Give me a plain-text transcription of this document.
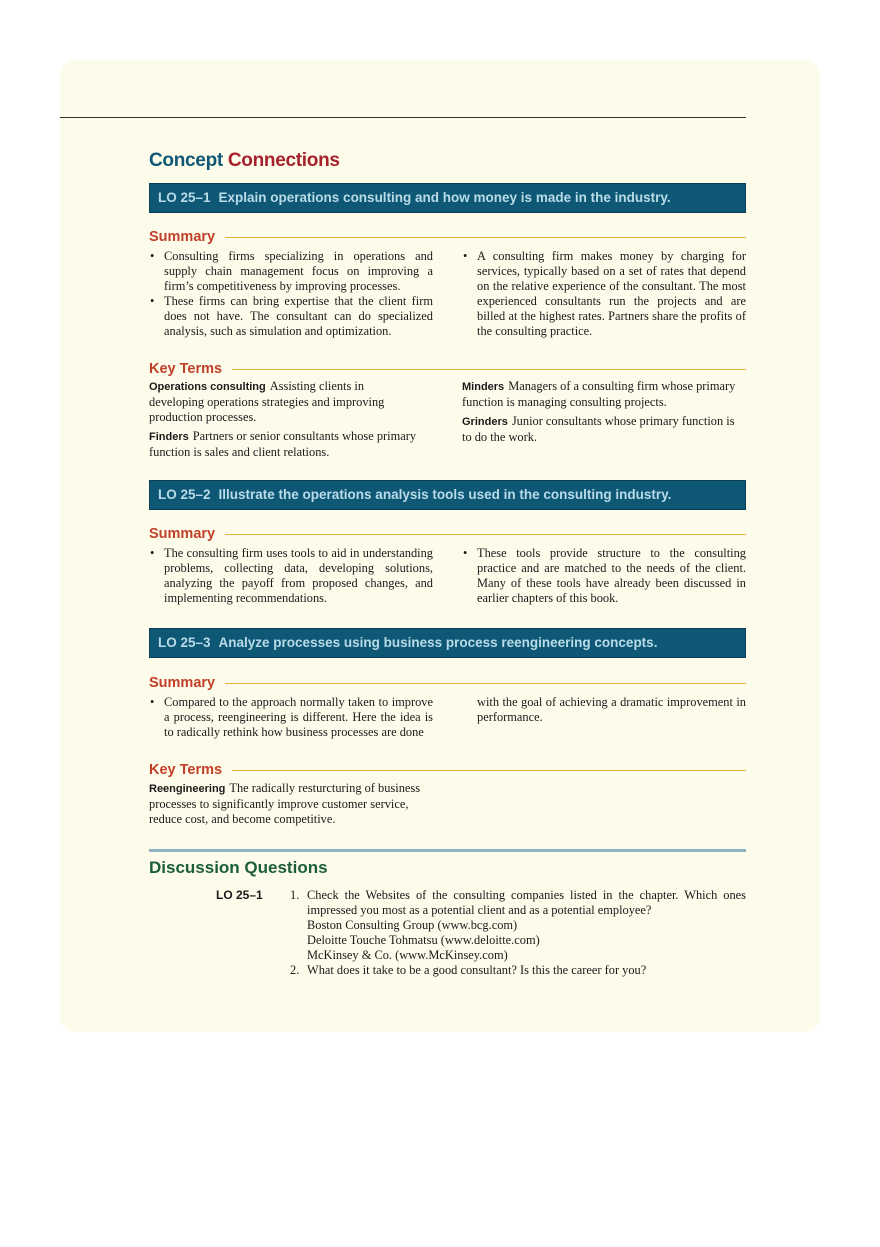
Concept Connections
LO 25–1 Explain operations consulting and how money is made in the industry.
Summary
• Consulting firms specializing in operations and supply chain management focus on improving a firm’s competitiveness by improving processes.
• These firms can bring expertise that the client firm does not have. The consultant can do specialized analysis, such as simulation and optimization.
• A consulting firm makes money by charging for services, typically based on a set of rates that depend on the relative experience of the consultant. The most experienced consultants run the projects and are billed at the highest rates. Partners share the profits of the consulting practice.
Key Terms

Operations consulting Assisting clients in developing operations strategies and improving production processes.

Finders Partners or senior consultants whose primary function is sales and client relations.

Minders Managers of a consulting firm whose primary function is managing consulting projects.

Grinders Junior consultants whose primary function is to do the work.

LO 25–2 Illustrate the operations analysis tools used in the consulting industry.
Summary
• The consulting firm uses tools to aid in understanding problems, collecting data, developing solutions, analyzing the payoff from proposed changes, and implementing recommendations.
• These tools provide structure to the consulting practice and are matched to the needs of the client. Many of these tools have already been discussed in earlier chapters of this book.
LO 25–3 Analyze processes using business process reengineering concepts.
Summary
• Compared to the approach normally taken to improve a process, reengineering is different. Here the idea is to radically rethink how business processes are done
with the goal of achieving a dramatic improvement in performance.
Key Terms

Reengineering The radically resturcturing of business processes to significantly improve customer service, reduce cost, and become competitive.

Discussion Questions
LO 25–1 1. Check the Websites of the consulting companies listed in the chapter. Which ones impressed you most as a potential client and as a potential employee?
Boston Consulting Group (www.bcg.com)
Deloitte Touche Tohmatsu (www.deloitte.com)
McKinsey & Co. (www.McKinsey.com)
2. What does it take to be a good consultant? Is this the career for you?
